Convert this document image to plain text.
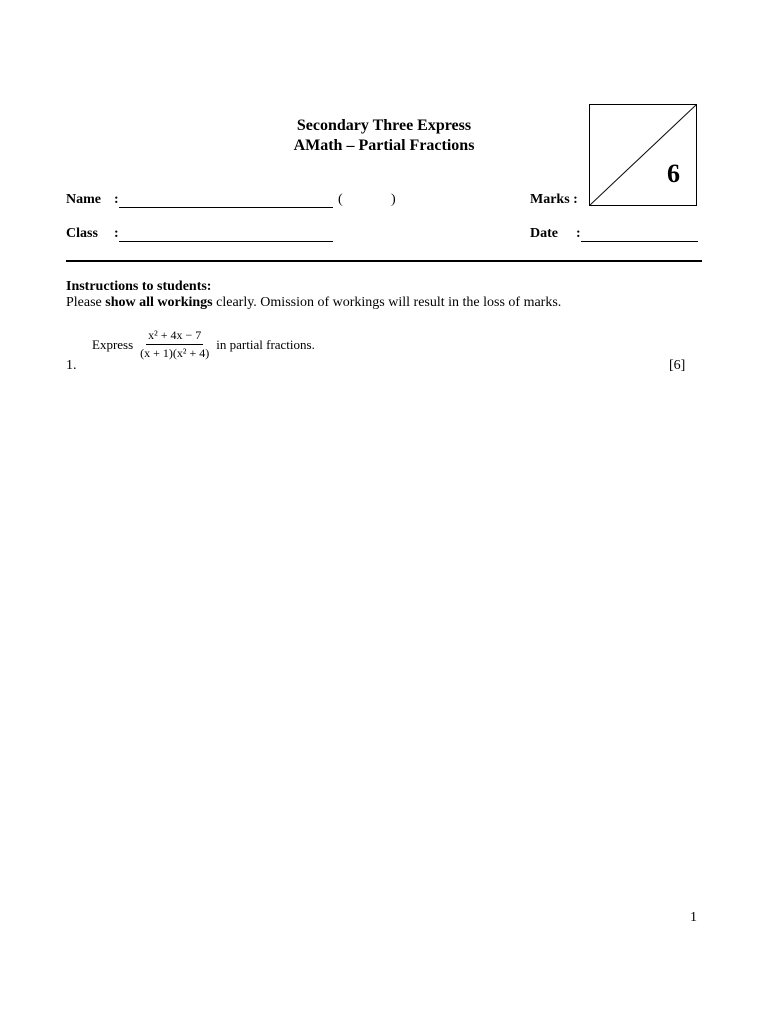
Secondary Three Express
AMath – Partial Fractions
6
Name :	(	)	Marks :
Class :	Date :
Instructions to students:
Please show all workings clearly. Omission of workings will result in the loss of marks.
Express $\frac{\text{x² + 4x − 7}}{\text{(x + 1)(x² + 4)}}$ in partial fractions.
1.	[6]
1
